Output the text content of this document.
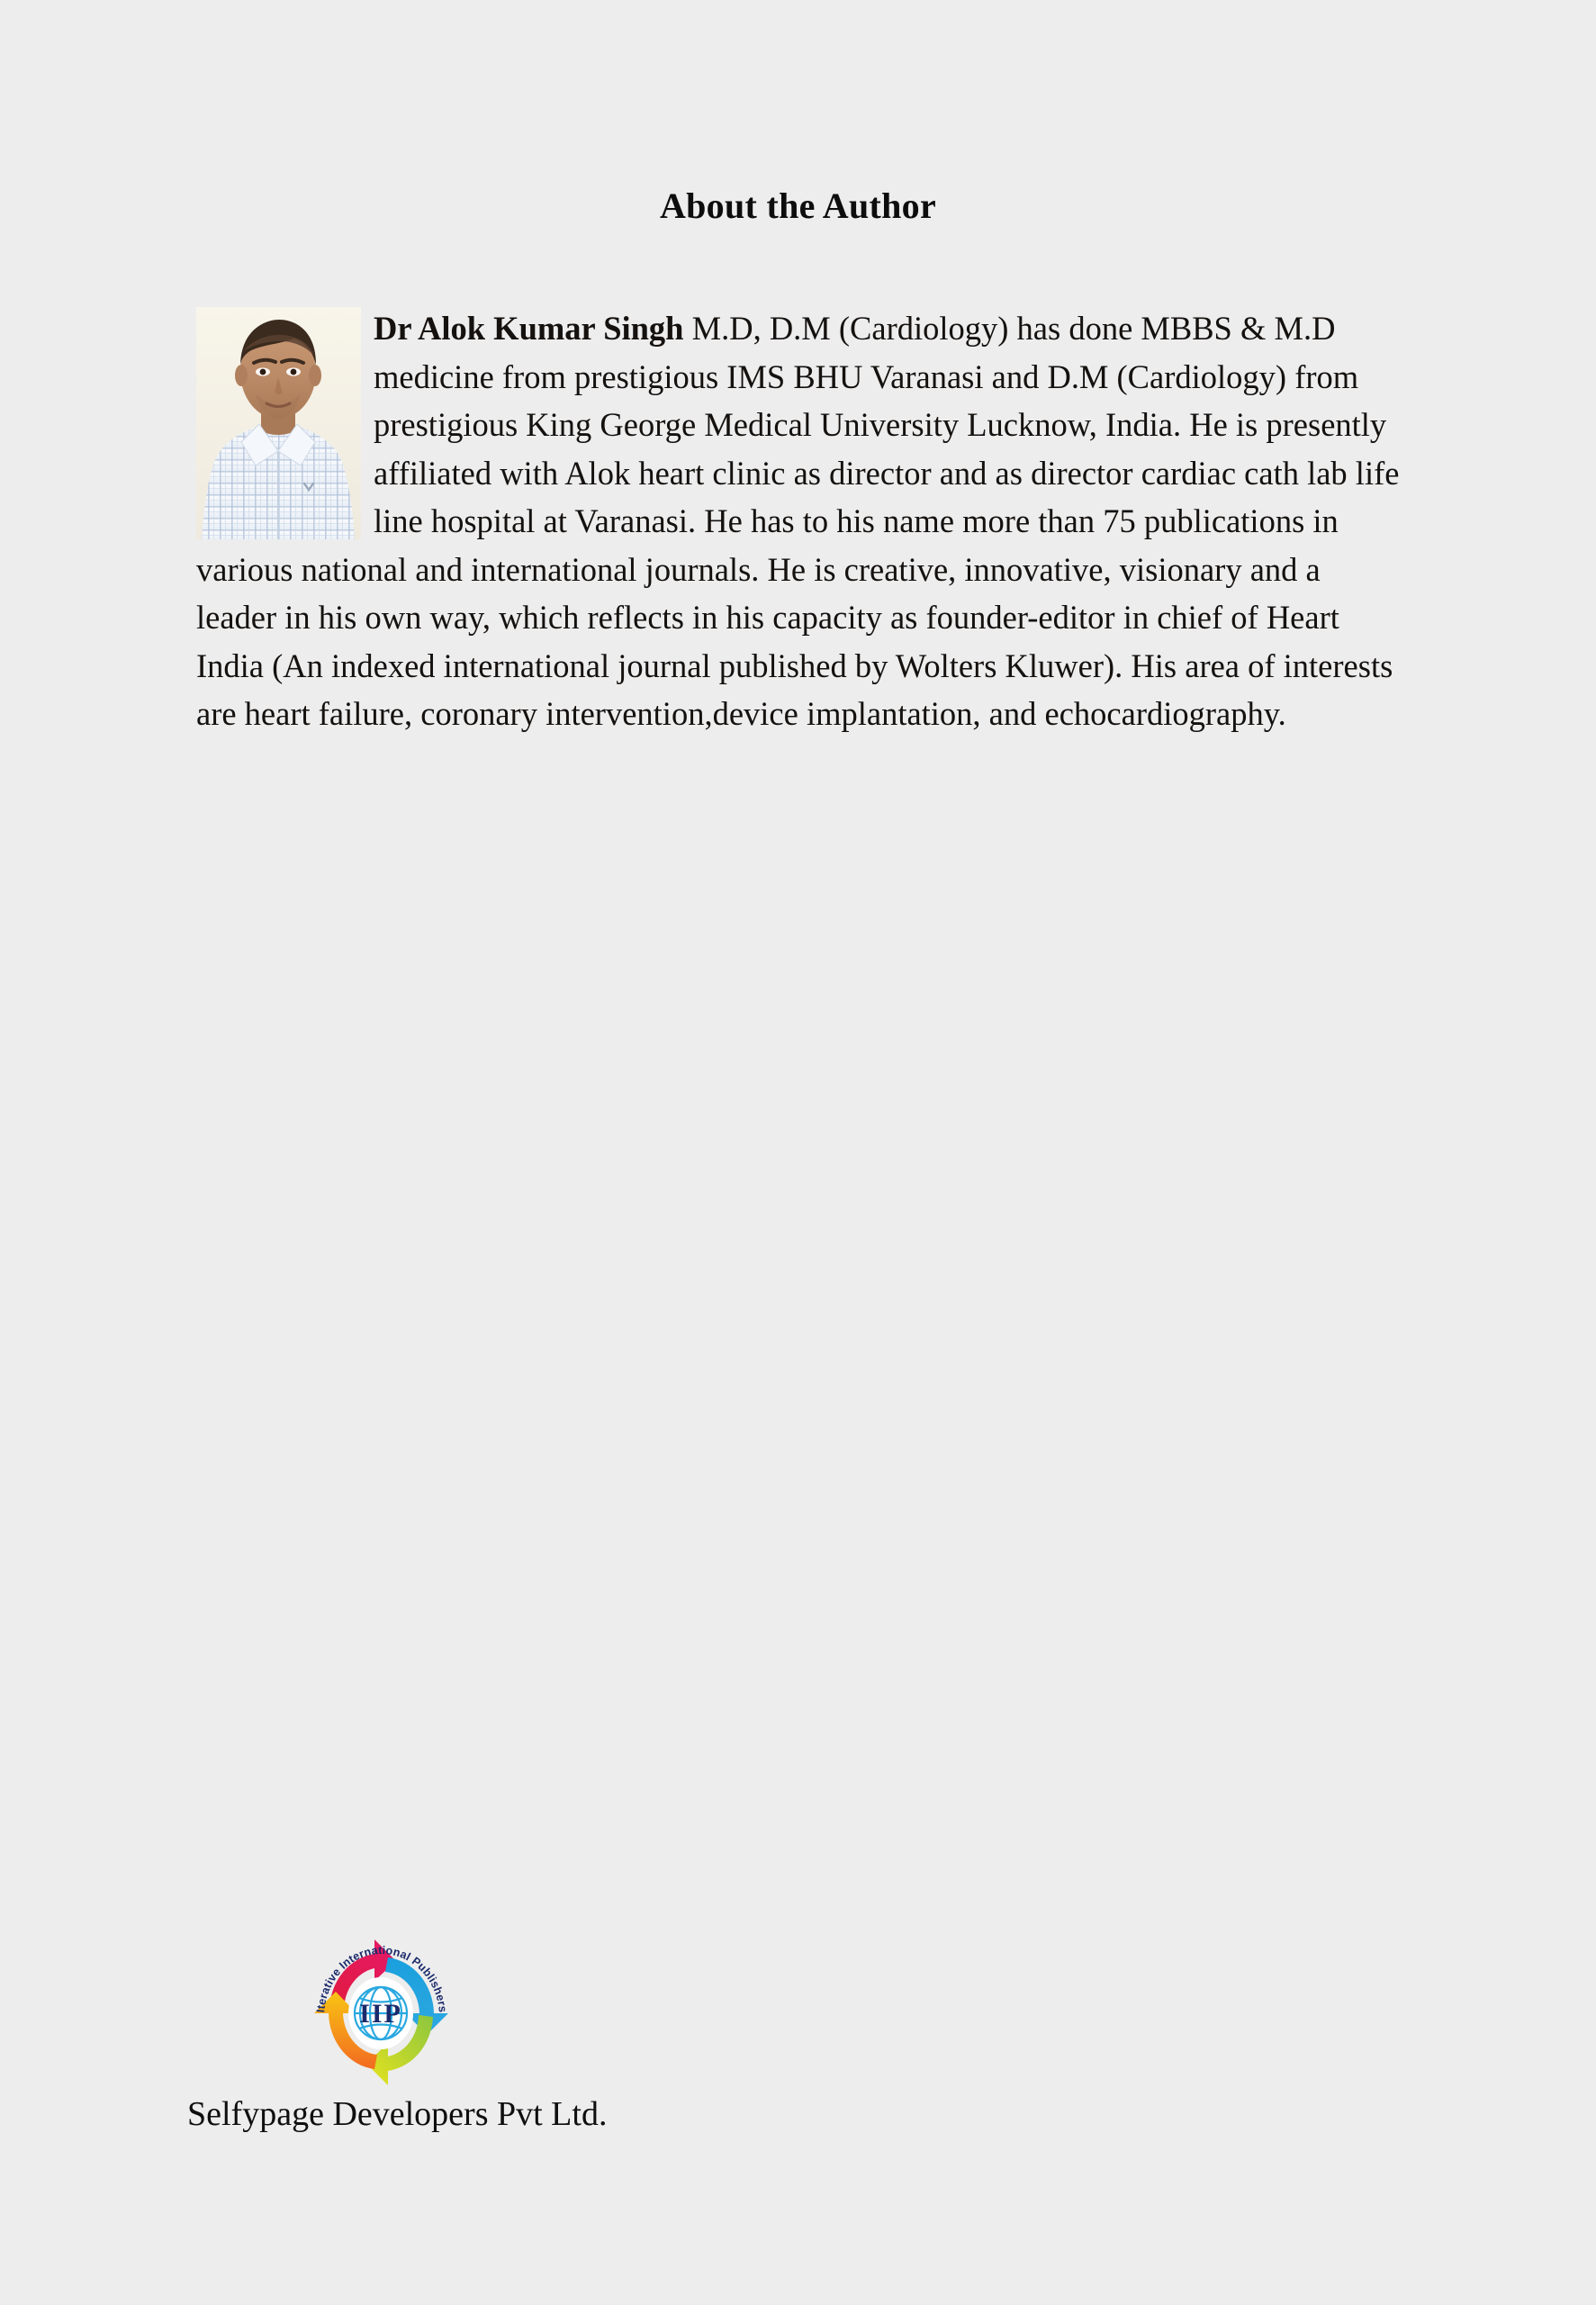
About the Author

Dr Alok Kumar Singh M.D, D.M (Cardiology) has done MBBS & M.D medicine from prestigious IMS BHU Varanasi and D.M (Cardiology) from prestigious King George Medical University Lucknow, India. He is presently affiliated with Alok heart clinic as director and as director cardiac cath lab life line hospital at Varanasi. He has to his name more than 75 publications in various national and international journals. He is creative, innovative, visionary and a leader in his own way, which reflects in his capacity as founder-editor in chief of Heart India (An indexed international journal published by Wolters Kluwer). His area of interests are heart failure, coronary intervention,device implantation, and echocardiography.

IIP
Iterative International Publishers
Selfypage Developers Pvt Ltd.
